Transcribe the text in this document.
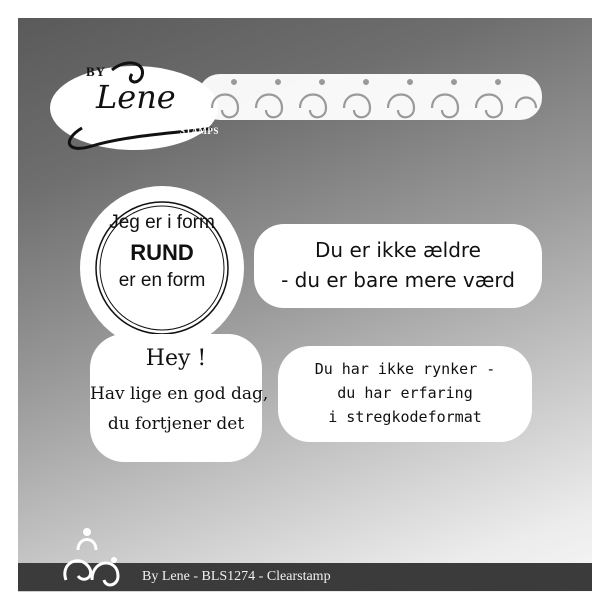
BY
Lene
STAMPS
Jeg er i form
RUND
er en form
Du er ikke ældre
- du er bare mere værd
Hey !
Hav lige en god dag,
du fortjener det
Du har ikke rynker -
du har erfaring
i stregkodeformat
By Lene - BLS1274 - Clearstamp
